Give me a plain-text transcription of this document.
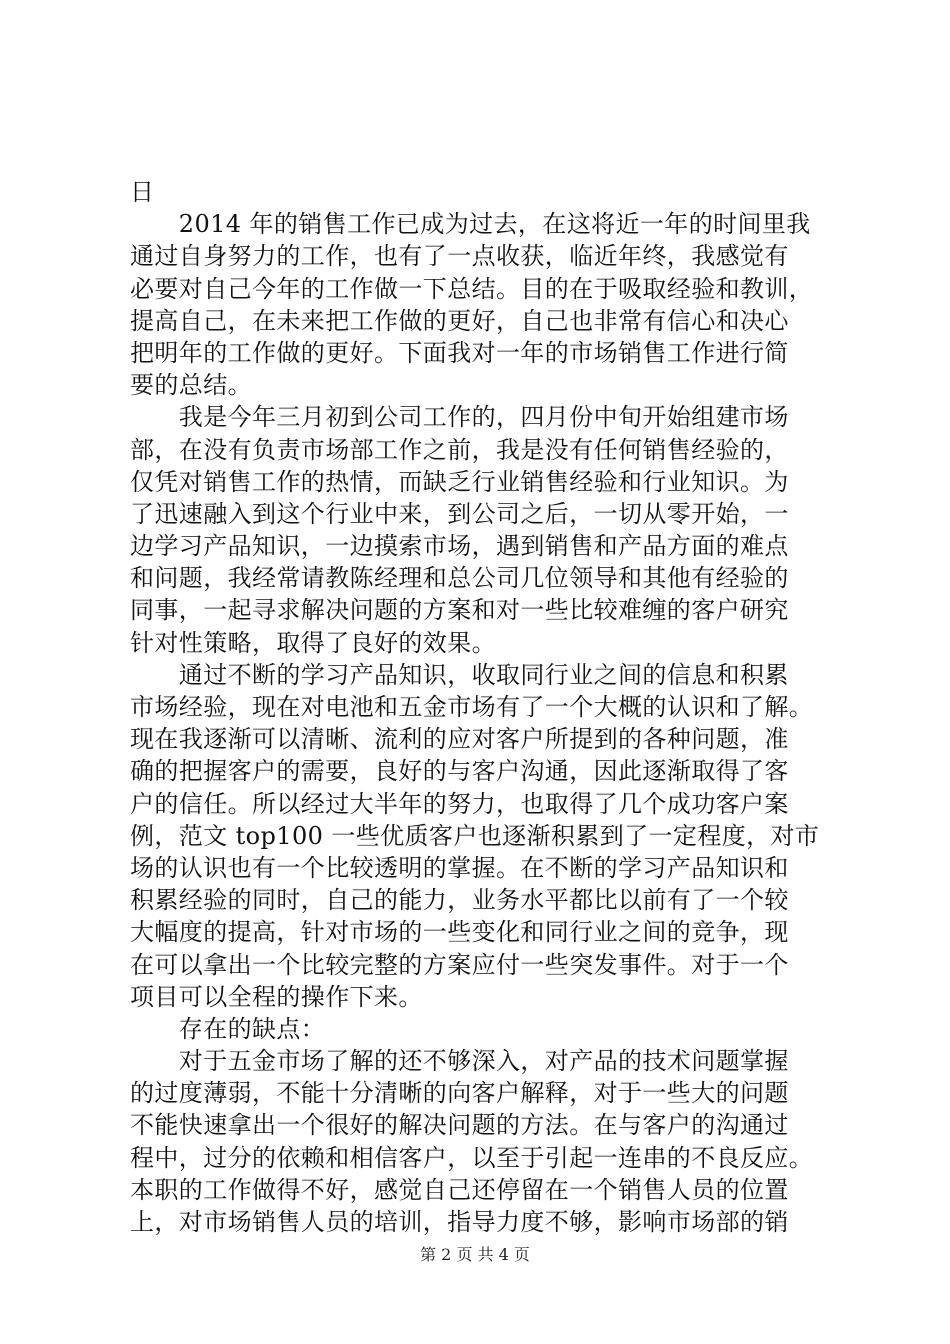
日
　　2014 年的销售工作已成为过去，在这将近一年的时间里我
通过自身努力的工作，也有了一点收获，临近年终，我感觉有
必要对自己今年的工作做一下总结。目的在于吸取经验和教训，
提高自己，在未来把工作做的更好，自己也非常有信心和决心
把明年的工作做的更好。下面我对一年的市场销售工作进行简
要的总结。
　　我是今年三月初到公司工作的，四月份中旬开始组建市场
部，在没有负责市场部工作之前，我是没有任何销售经验的，
仅凭对销售工作的热情，而缺乏行业销售经验和行业知识。为
了迅速融入到这个行业中来，到公司之后，一切从零开始，一
边学习产品知识，一边摸索市场，遇到销售和产品方面的难点
和问题，我经常请教陈经理和总公司几位领导和其他有经验的
同事，一起寻求解决问题的方案和对一些比较难缠的客户研究
针对性策略，取得了良好的效果。
　　通过不断的学习产品知识，收取同行业之间的信息和积累
市场经验，现在对电池和五金市场有了一个大概的认识和了解。
现在我逐渐可以清晰、流利的应对客户所提到的各种问题，准
确的把握客户的需要，良好的与客户沟通，因此逐渐取得了客
户的信任。所以经过大半年的努力，也取得了几个成功客户案
例，范文 top100 一些优质客户也逐渐积累到了一定程度，对市
场的认识也有一个比较透明的掌握。在不断的学习产品知识和
积累经验的同时，自己的能力，业务水平都比以前有了一个较
大幅度的提高，针对市场的一些变化和同行业之间的竞争，现
在可以拿出一个比较完整的方案应付一些突发事件。对于一个
项目可以全程的操作下来。
　　存在的缺点：
　　对于五金市场了解的还不够深入，对产品的技术问题掌握
的过度薄弱，不能十分清晰的向客户解释，对于一些大的问题
不能快速拿出一个很好的解决问题的方法。在与客户的沟通过
程中，过分的依赖和相信客户，以至于引起一连串的不良反应。
本职的工作做得不好，感觉自己还停留在一个销售人员的位置
上，对市场销售人员的培训，指导力度不够，影响市场部的销
第 2 页 共 4 页
